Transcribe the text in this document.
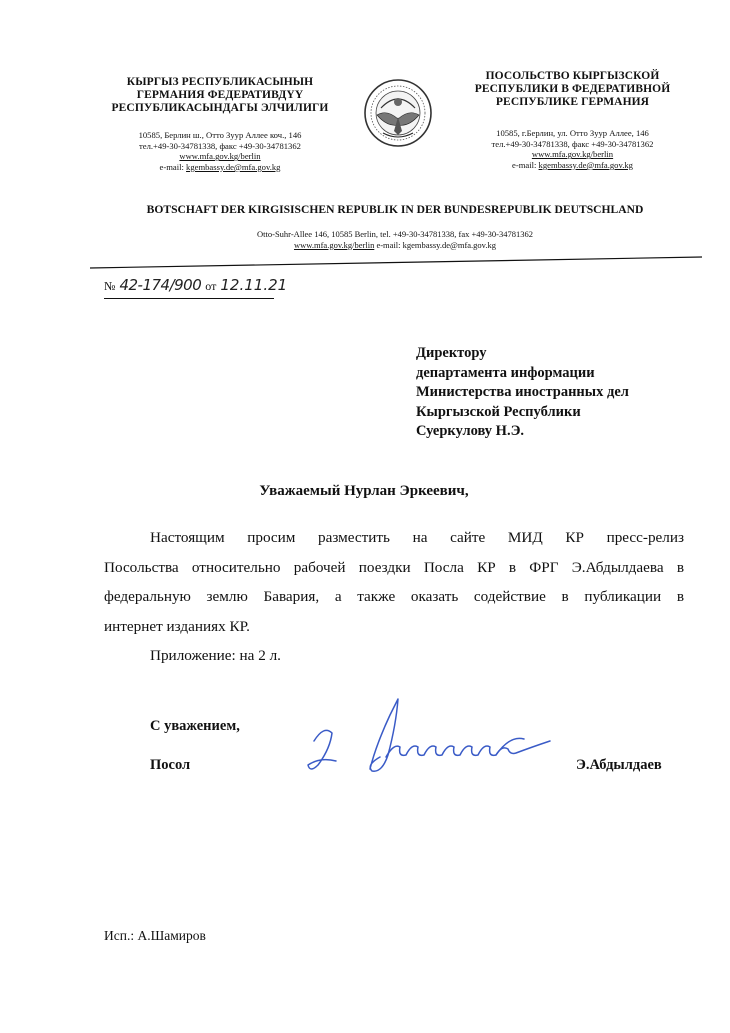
КЫРГЫЗ РЕСПУБЛИКАСЫНЫН
ГЕРМАНИЯ ФЕДЕРАТИВДҮҮ
РЕСПУБЛИКАСЫНДАГЫ ЭЛЧИЛИГИ
10585, Берлин ш., Отто Зуур Аллее коч., 146
тел.+49-30-34781338, факс +49-30-34781362
www.mfa.gov.kg/berlin
e-mail: kgembassy.de@mfa.gov.kg
ПОСОЛЬСТВО КЫРГЫЗСКОЙ
РЕСПУБЛИКИ В ФЕДЕРАТИВНОЙ
РЕСПУБЛИКЕ ГЕРМАНИЯ
10585, г.Берлин, ул. Отто Зуур Аллее, 146
тел.+49-30-34781338, факс +49-30-34781362
www.mfa.gov.kg/berlin
e-mail: kgembassy.de@mfa.gov.kg
BOTSCHAFT DER KIRGISISCHEN REPUBLIK IN DER BUNDESREPUBLIK DEUTSCHLAND
Otto-Suhr-Allee 146, 10585 Berlin, tel. +49-30-34781338, fax +49-30-34781362
www.mfa.gov.kg/berlin e-mail: kgembassy.de@mfa.gov.kg
№ 42-174/900 от 12.11.21
Директору
департамента информации
Министерства иностранных дел
Кыргызской Республики
Суеркулову Н.Э.
Уважаемый Нурлан Эркеевич,
Настоящим просим разместить на сайте МИД КР пресс-релиз
Посольства относительно рабочей поездки Посла КР в ФРГ Э.Абдылдаева в
федеральную землю Бавария, а также оказать содействие в публикации в
интернет изданиях КР.
Приложение: на 2 л.
С уважением,
Посол	Э.Абдылдаев
Исп.: А.Шамиров
